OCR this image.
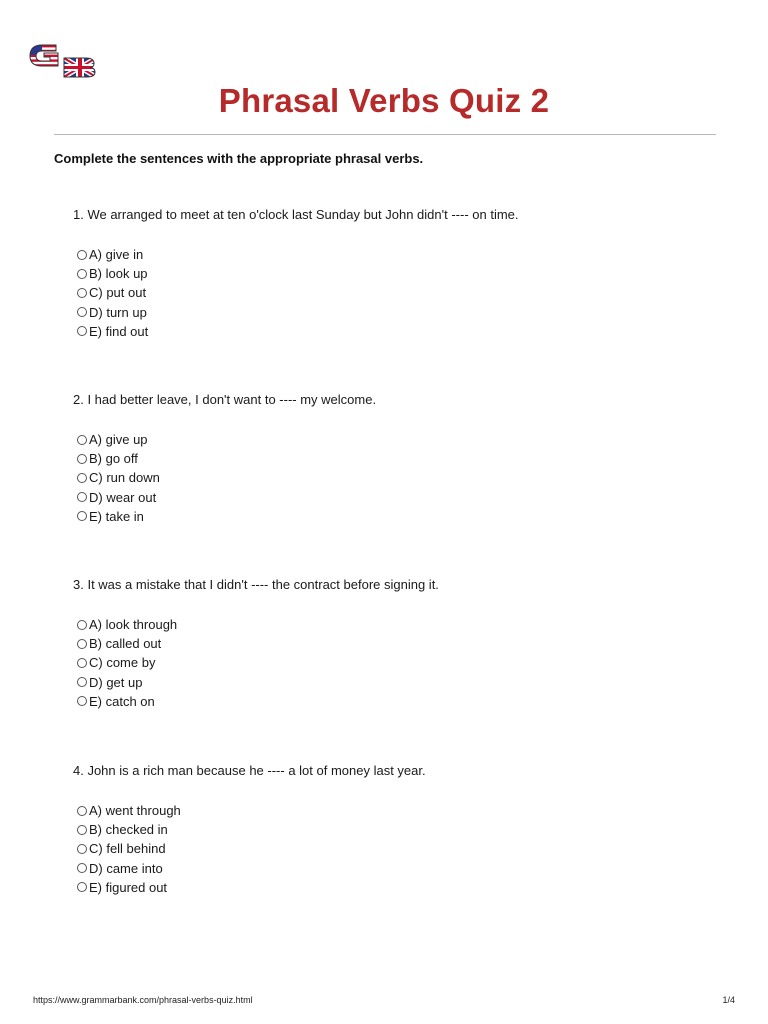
Phrasal Verbs Quiz 2
Complete the sentences with the appropriate phrasal verbs.
1. We arranged to meet at ten o'clock last Sunday but John didn't ---- on time.
A) give in
B) look up
C) put out
D) turn up
E) find out
2. I had better leave, I don't want to ---- my welcome.
A) give up
B) go off
C) run down
D) wear out
E) take in
3. It was a mistake that I didn't ---- the contract before signing it.
A) look through
B) called out
C) come by
D) get up
E) catch on
4. John is a rich man because he ---- a lot of money last year.
A) went through
B) checked in
C) fell behind
D) came into
E) figured out
https://www.grammarbank.com/phrasal-verbs-quiz.html	1/4
